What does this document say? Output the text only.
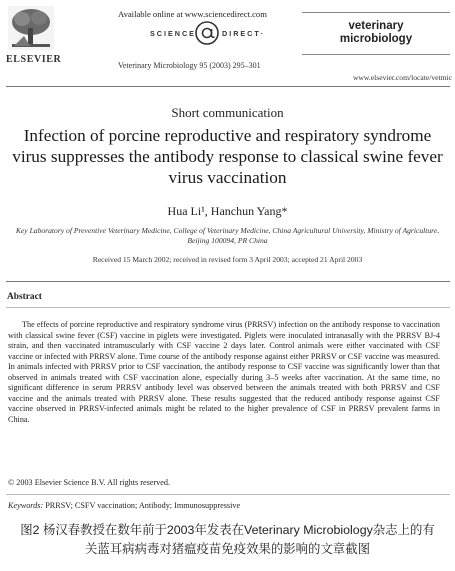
ELSEVIER
Available online at www.sciencedirect.com
SCIENCE	DIRECT·
Veterinary Microbiology 95 (2003) 295–301
veterinary
microbiology
www.elsevier.com/locate/vetmic
Short communication
Infection of porcine reproductive and respiratory syndrome virus suppresses the antibody response to classical swine fever virus vaccination
Hua Li¹, Hanchun Yang*
Key Laboratory of Preventive Veterinary Medicine, College of Veterinary Medicine, China Agricultural University, Ministry of Agriculture, Beijing 100094, PR China
Received 15 March 2002; received in revised form 3 April 2003; accepted 21 April 2003
Abstract
The effects of porcine reproductive and respiratory syndrome virus (PRRSV) infection on the antibody response to vaccination with classical swine fever (CSF) vaccine in piglets were investigated. Piglets were inoculated intranasally with the PRRSV BJ-4 strain, and then vaccinated intramuscularly with CSF vaccine 2 days later. Control animals were either vaccinated with CSF vaccine or infected with PRRSV alone. Time course of the antibody response against either PRRSV or CSF vaccine was measured. In animals infected with PRRSV prior to CSF vaccination, the antibody response to CSF vaccine was significantly lower than that observed in animals treated with CSF vaccination alone, especially during 3–5 weeks after vaccination. At the same time, no significant difference in serum PRRSV antibody level was observed between the animals treated with both PRRSV and CSF vaccine and the animals treated with PRRSV alone. These results suggested that the reduced antibody response against CSF vaccine observed in PRRSV-infected animals might be related to the higher prevalence of CSF in PRRSV prevalent farms in China.
© 2003 Elsevier Science B.V. All rights reserved.
Keywords: PRRSV; CSFV vaccination; Antibody; Immunosuppressive
图2 杨汉春教授在数年前于2003年发表在Veterinary Microbiology杂志上的有
关蓝耳病病毒对猪瘟疫苗免疫效果的影响的文章截图
